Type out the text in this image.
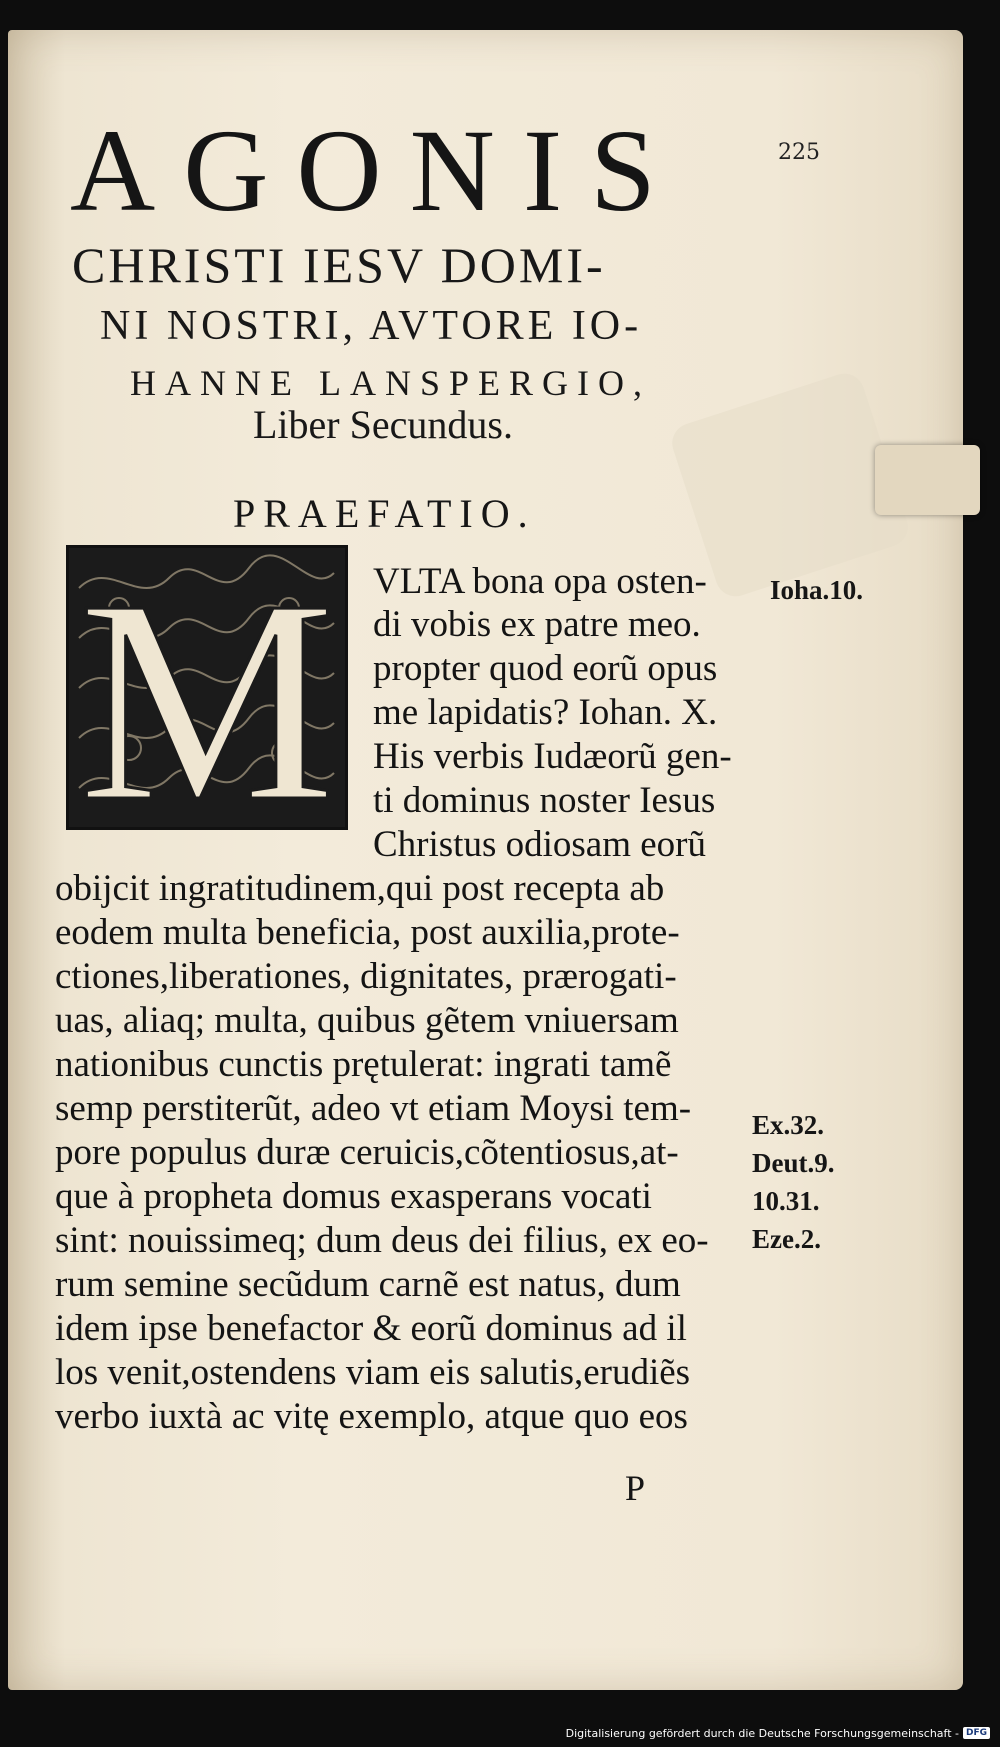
225
AGONIS
CHRISTI IESV DOMI-
NI NOSTRI, AVTORE IO-
HANNE LANSPERGIO,
Liber Secundus.
PRAEFATIO.
M VLTA bona opa osten-
di vobis ex patre meo.
propter quod eorũ opus
me lapidatis? Iohan. X.
His verbis Iudæorũ gen-
ti dominus noster Iesus
Christus odiosam eorũ
obijcit ingratitudinem,qui post recepta ab
eodem multa beneficia, post auxilia,prote-
ctiones,liberationes, dignitates, prærogati-
uas, aliaq; multa, quibus gẽtem vniuersam
nationibus cunctis prętulerat: ingrati tamẽ
semp perstiterũt, adeo vt etiam Moysi tem-
pore populus duræ ceruicis,cõtentiosus,at-
que à propheta domus exasperans vocati
sint: nouissimeq; dum deus dei filius, ex eo-
rum semine secũdum carnẽ est natus, dum
idem ipse benefactor & eorũ dominus ad il
los venit,ostendens viam eis salutis,erudiẽs
verbo iuxtà ac vitę exemplo, atque quo eos
Ioha.10.
Ex.32.
Deut.9.
10.31.
Eze.2.
P
Digitalisierung gefördert durch die Deutsche Forschungsgemeinschaft - DFG
